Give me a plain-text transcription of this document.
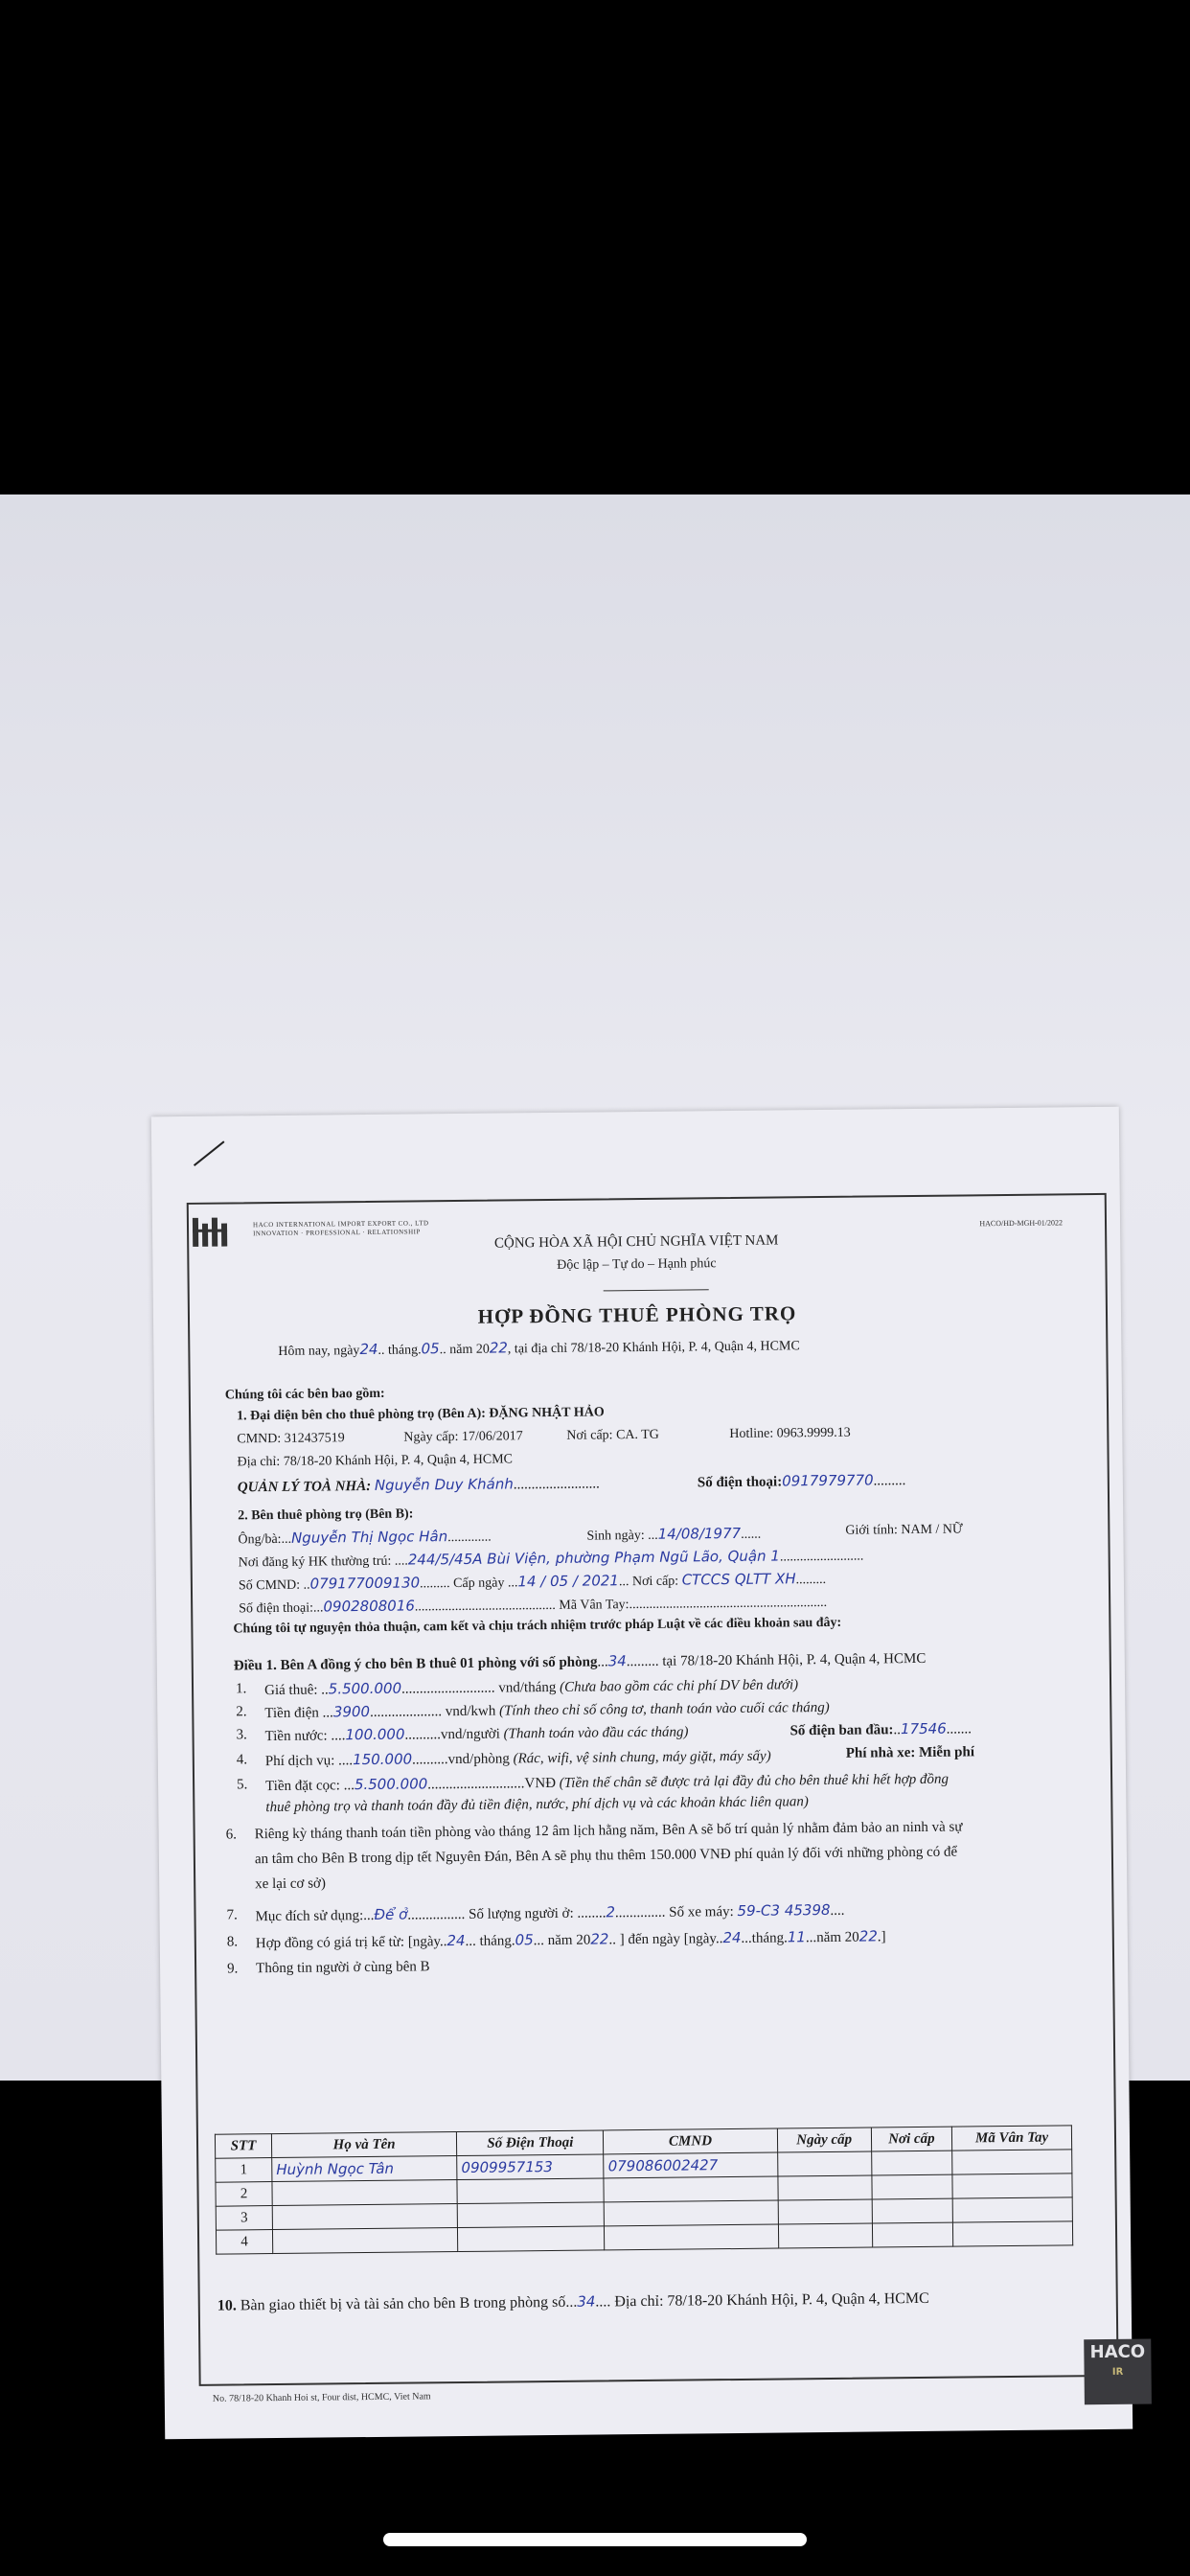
HACO INTERNATIONAL IMPORT EXPORT CO., LTD
INNOVATION · PROFESSIONAL · RELATIONSHIP
HACO/HD-MGH-01/2022
CỘNG HÒA XÃ HỘI CHỦ NGHĨA VIỆT NAM
Độc lập – Tự do – Hạnh phúc
HỢP ĐỒNG THUÊ PHÒNG TRỌ
Hôm nay, ngày24.. tháng.05.. năm 2022, tại địa chỉ 78/18-20 Khánh Hội, P. 4, Quận 4, HCMC
Chúng tôi các bên bao gồm:
1. Đại diện bên cho thuê phòng trọ (Bên A): ĐẶNG NHẬT HẢO
CMND: 312437519	Ngày cấp: 17/06/2017	Nơi cấp: CA. TG	Hotline: 0963.9999.13
Địa chỉ: 78/18-20 Khánh Hội, P. 4, Quận 4, HCMC
QUẢN LÝ TOÀ NHÀ: Nguyễn Duy Khánh........................	Số điện thoại:0917979770.........
2. Bên thuê phòng trọ (Bên B):
Ông/bà:...Nguyễn Thị Ngọc Hân.............	Sinh ngày: ...14/08/1977......	Giới tính: NAM / NỮ
Nơi đăng ký HK thường trú: ....244/5/45A Bùi Viện, phường Phạm Ngũ Lão, Quận 1.........................
Số CMND: ..079177009130......... Cấp ngày ...14 / 05 / 2021... Nơi cấp: CTCCS QLTT XH.........
Số điện thoại:...0902808016.......................................... Mã Vân Tay:...........................................................
Chúng tôi tự nguyện thỏa thuận, cam kết và chịu trách nhiệm trước pháp Luật về các điều khoản sau đây:
Điều 1. Bên A đồng ý cho bên B thuê 01 phòng với số phòng...34......... tại 78/18-20 Khánh Hội, P. 4, Quận 4, HCMC
1. Giá thuê: ..5.500.000.......................... vnd/tháng (Chưa bao gồm các chi phí DV bên dưới)
2. Tiền điện ...3900.................... vnd/kwh (Tính theo chỉ số công tơ, thanh toán vào cuối các tháng)
3. Tiền nước: ....100.000..........vnd/người (Thanh toán vào đầu các tháng)	Số điện ban đầu:..17546.......
4. Phí dịch vụ: ....150.000..........vnd/phòng (Rác, wifi, vệ sinh chung, máy giặt, máy sấy)	Phí nhà xe: Miễn phí
5. Tiền đặt cọc: ...5.500.000...........................VNĐ (Tiền thế chân sẽ được trả lại đầy đủ cho bên thuê khi hết hợp đồng
thuê phòng trọ và thanh toán đầy đủ tiền điện, nước, phí dịch vụ và các khoản khác liên quan)
6. Riêng kỳ tháng thanh toán tiền phòng vào tháng 12 âm lịch hằng năm, Bên A sẽ bố trí quản lý nhằm đảm bảo an ninh và sự
an tâm cho Bên B trong dịp tết Nguyên Đán, Bên A sẽ phụ thu thêm 150.000 VNĐ phí quản lý đối với những phòng có để
xe lại cơ sở)
7. Mục đích sử dụng:...Để ở................ Số lượng người ở: ........2.............. Số xe máy: 59-C3 45398....
8. Hợp đồng có giá trị kể từ: [ngày..24... tháng.05... năm 2022.. ] đến ngày [ngày..24...tháng.11...năm 2022.]
9. Thông tin người ở cùng bên B
STT	Họ và Tên	Số Điện Thoại	CMND	Ngày cấp	Nơi cấp	Mã Vân Tay
1	Huỳnh Ngọc Tân	0909957153	079086002427			
2						
3						
4						
10. Bàn giao thiết bị và tài sản cho bên B trong phòng số...34.... Địa chỉ: 78/18-20 Khánh Hội, P. 4, Quận 4, HCMC
HACO
IR
No. 78/18-20 Khanh Hoi st, Four dist, HCMC, Viet Nam
